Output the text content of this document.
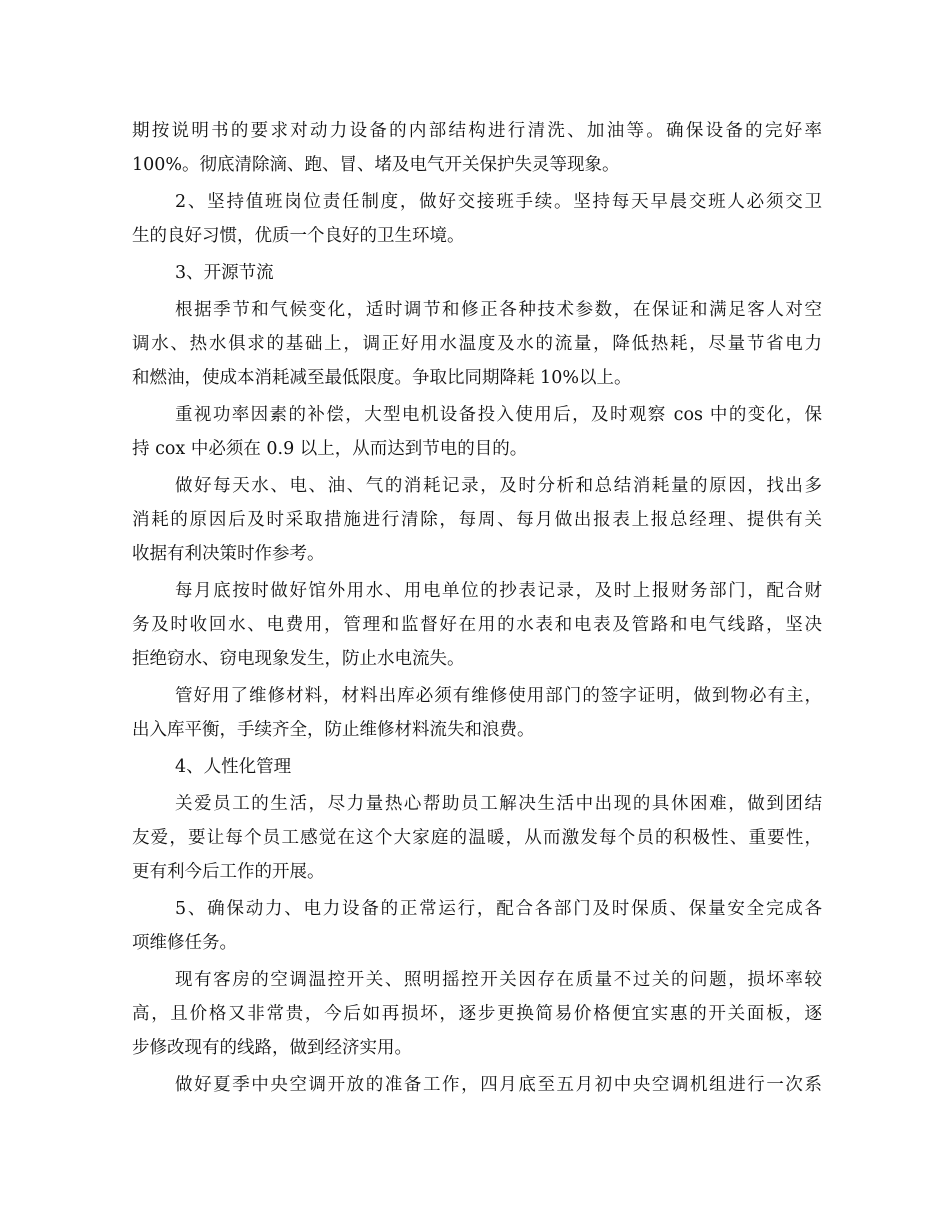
期按说明书的要求对动力设备的内部结构进行清洗、加油等。确保设备的完好率
100%。彻底清除滴、跑、冒、堵及电气开关保护失灵等现象。
2、坚持值班岗位责任制度，做好交接班手续。坚持每天早晨交班人必须交卫
生的良好习惯，优质一个良好的卫生环境。
3、开源节流
根据季节和气候变化，适时调节和修正各种技术参数，在保证和满足客人对空
调水、热水俱求的基础上，调正好用水温度及水的流量，降低热耗，尽量节省电力
和燃油，使成本消耗减至最低限度。争取比同期降耗 10%以上。
重视功率因素的补偿，大型电机设备投入使用后，及时观察 cos 中的变化，保
持 cox 中必须在 0.9 以上，从而达到节电的目的。
做好每天水、电、油、气的消耗记录，及时分析和总结消耗量的原因，找出多
消耗的原因后及时采取措施进行清除，每周、每月做出报表上报总经理、提供有关
收据有利决策时作参考。
每月底按时做好馆外用水、用电单位的抄表记录，及时上报财务部门，配合财
务及时收回水、电费用，管理和监督好在用的水表和电表及管路和电气线路，坚决
拒绝窃水、窃电现象发生，防止水电流失。
管好用了维修材料，材料出库必须有维修使用部门的签字证明，做到物必有主，
出入库平衡，手续齐全，防止维修材料流失和浪费。
4、人性化管理
关爱员工的生活，尽力量热心帮助员工解决生活中出现的具休困难，做到团结
友爱，要让每个员工感觉在这个大家庭的温暖，从而激发每个员的积极性、重要性，
更有利今后工作的开展。
5、确保动力、电力设备的正常运行，配合各部门及时保质、保量安全完成各
项维修任务。
现有客房的空调温控开关、照明摇控开关因存在质量不过关的问题，损坏率较
高，且价格又非常贵，今后如再损坏，逐步更换简易价格便宜实惠的开关面板，逐
步修改现有的线路，做到经济实用。
做好夏季中央空调开放的准备工作，四月底至五月初中央空调机组进行一次系
